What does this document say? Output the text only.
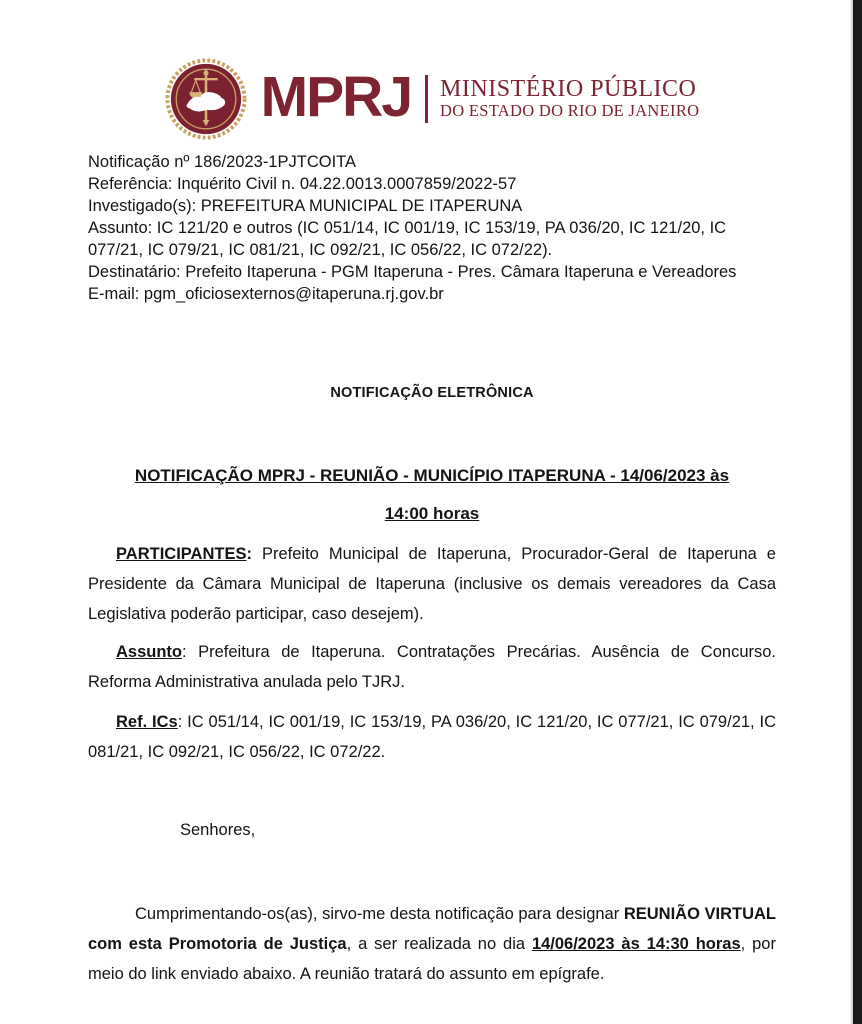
MPRJ MINISTÉRIO PÚBLICO
DO ESTADO DO RIO DE JANEIRO
Notificação nº 186/2023-1PJTCOITA
Referência: Inquérito Civil n. 04.22.0013.0007859/2022-57
Investigado(s): PREFEITURA MUNICIPAL DE ITAPERUNA
Assunto: IC 121/20 e outros (IC 051/14, IC 001/19, IC 153/19, PA 036/20, IC 121/20, IC 077/21, IC 079/21, IC 081/21, IC 092/21, IC 056/22, IC 072/22).
Destinatário: Prefeito Itaperuna - PGM Itaperuna - Pres. Câmara Itaperuna e Vereadores
E-mail: pgm_oficiosexternos@itaperuna.rj.gov.br
NOTIFICAÇÃO ELETRÔNICA
NOTIFICAÇÃO MPRJ - REUNIÃO - MUNICÍPIO ITAPERUNA - 14/06/2023 às
14:00 horas

PARTICIPANTES: Prefeito Municipal de Itaperuna, Procurador-Geral de Itaperuna e Presidente da Câmara Municipal de Itaperuna (inclusive os demais vereadores da Casa Legislativa poderão participar, caso desejem).

Assunto: Prefeitura de Itaperuna. Contratações Precárias. Ausência de Concurso. Reforma Administrativa anulada pelo TJRJ.

Ref. ICs: IC 051/14, IC 001/19, IC 153/19, PA 036/20, IC 121/20, IC 077/21, IC 079/21, IC 081/21, IC 092/21, IC 056/22, IC 072/22.

Senhores,

Cumprimentando-os(as), sirvo-me desta notificação para designar REUNIÃO VIRTUAL com esta Promotoria de Justiça, a ser realizada no dia 14/06/2023 às 14:30 horas, por meio do link enviado abaixo. A reunião tratará do assunto em epígrafe.
